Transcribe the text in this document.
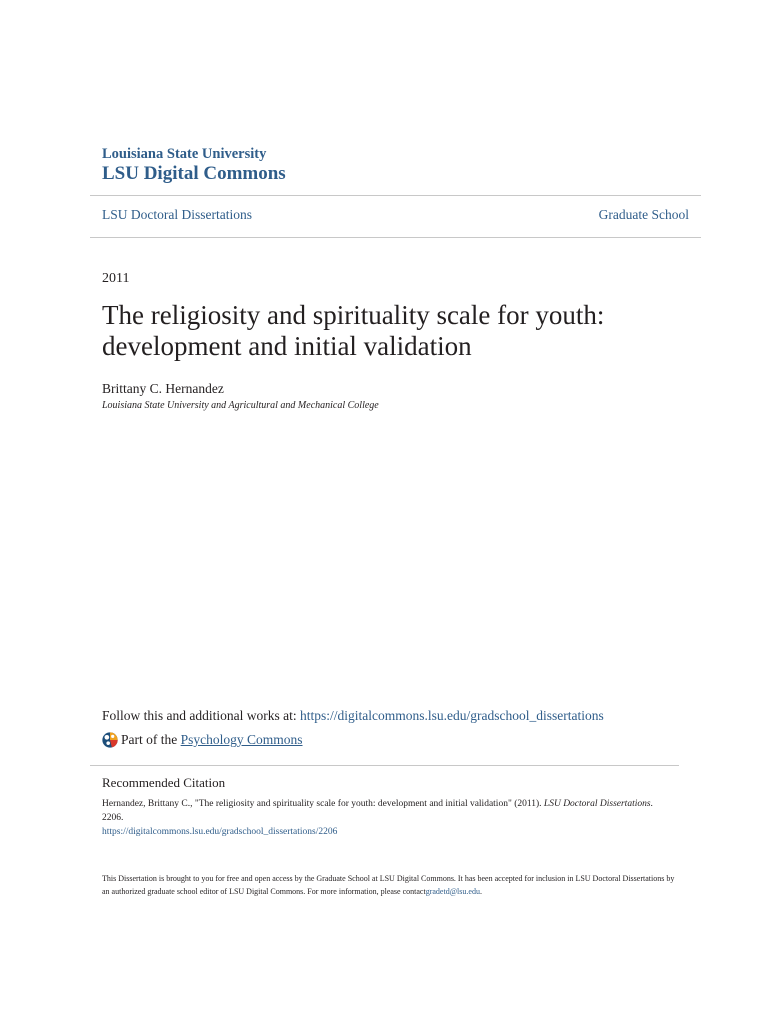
Louisiana State University
LSU Digital Commons
LSU Doctoral Dissertations	Graduate School
2011
The religiosity and spirituality scale for youth: development and initial validation
Brittany C. Hernandez
Louisiana State University and Agricultural and Mechanical College
Follow this and additional works at: https://digitalcommons.lsu.edu/gradschool_dissertations
Part of the
Psychology Commons
Recommended Citation
Hernandez, Brittany C., "The religiosity and spirituality scale for youth: development and initial validation" (2011). LSU Doctoral Dissertations. 2206.
https://digitalcommons.lsu.edu/gradschool_dissertations/2206
This Dissertation is brought to you for free and open access by the Graduate School at LSU Digital Commons. It has been accepted for inclusion in LSU Doctoral Dissertations by an authorized graduate school editor of LSU Digital Commons. For more information, please contactgradetd@lsu.edu.
